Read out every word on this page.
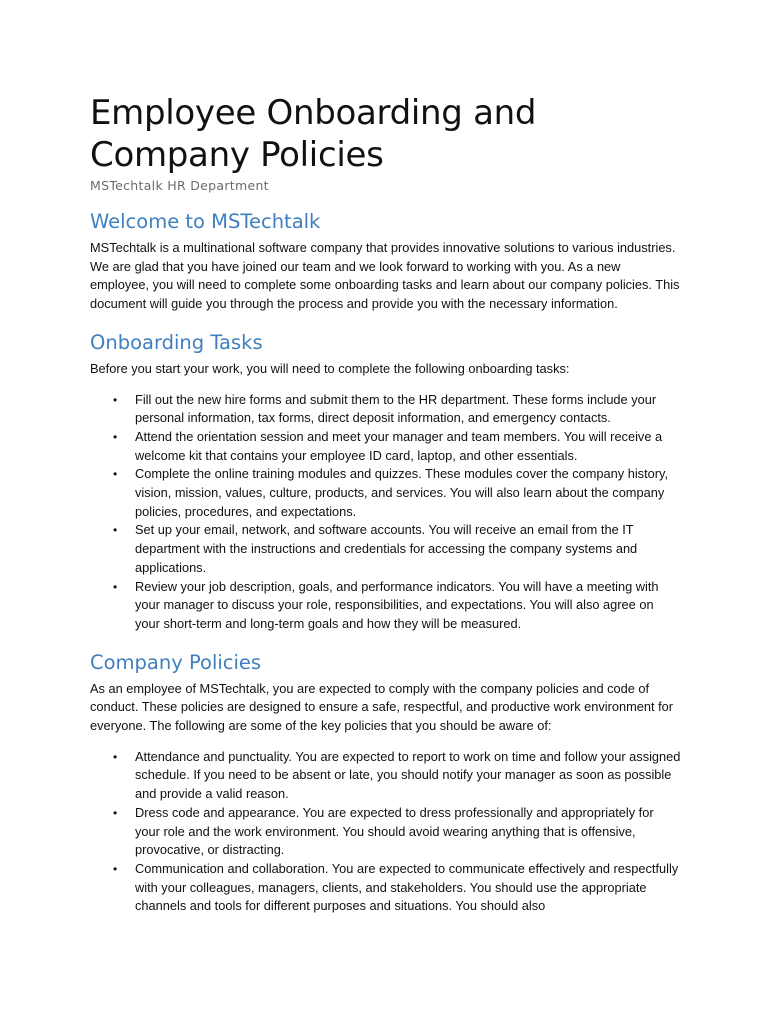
Employee Onboarding and Company Policies
MSTechtalk HR Department
Welcome to MSTechtalk

MSTechtalk is a multinational software company that provides innovative solutions to various industries. We are glad that you have joined our team and we look forward to working with you. As a new employee, you will need to complete some onboarding tasks and learn about our company policies. This document will guide you through the process and provide you with the necessary information.

Onboarding Tasks

Before you start your work, you will need to complete the following onboarding tasks:

• Fill out the new hire forms and submit them to the HR department. These forms include your personal information, tax forms, direct deposit information, and emergency contacts.
• Attend the orientation session and meet your manager and team members. You will receive a welcome kit that contains your employee ID card, laptop, and other essentials.
• Complete the online training modules and quizzes. These modules cover the company history, vision, mission, values, culture, products, and services. You will also learn about the company policies, procedures, and expectations.
• Set up your email, network, and software accounts. You will receive an email from the IT department with the instructions and credentials for accessing the company systems and applications.
• Review your job description, goals, and performance indicators. You will have a meeting with your manager to discuss your role, responsibilities, and expectations. You will also agree on your short-term and long-term goals and how they will be measured.
Company Policies

As an employee of MSTechtalk, you are expected to comply with the company policies and code of conduct. These policies are designed to ensure a safe, respectful, and productive work environment for everyone. The following are some of the key policies that you should be aware of:

• Attendance and punctuality. You are expected to report to work on time and follow your assigned schedule. If you need to be absent or late, you should notify your manager as soon as possible and provide a valid reason.
• Dress code and appearance. You are expected to dress professionally and appropriately for your role and the work environment. You should avoid wearing anything that is offensive, provocative, or distracting.
• Communication and collaboration. You are expected to communicate effectively and respectfully with your colleagues, managers, clients, and stakeholders. You should use the appropriate channels and tools for different purposes and situations. You should also
